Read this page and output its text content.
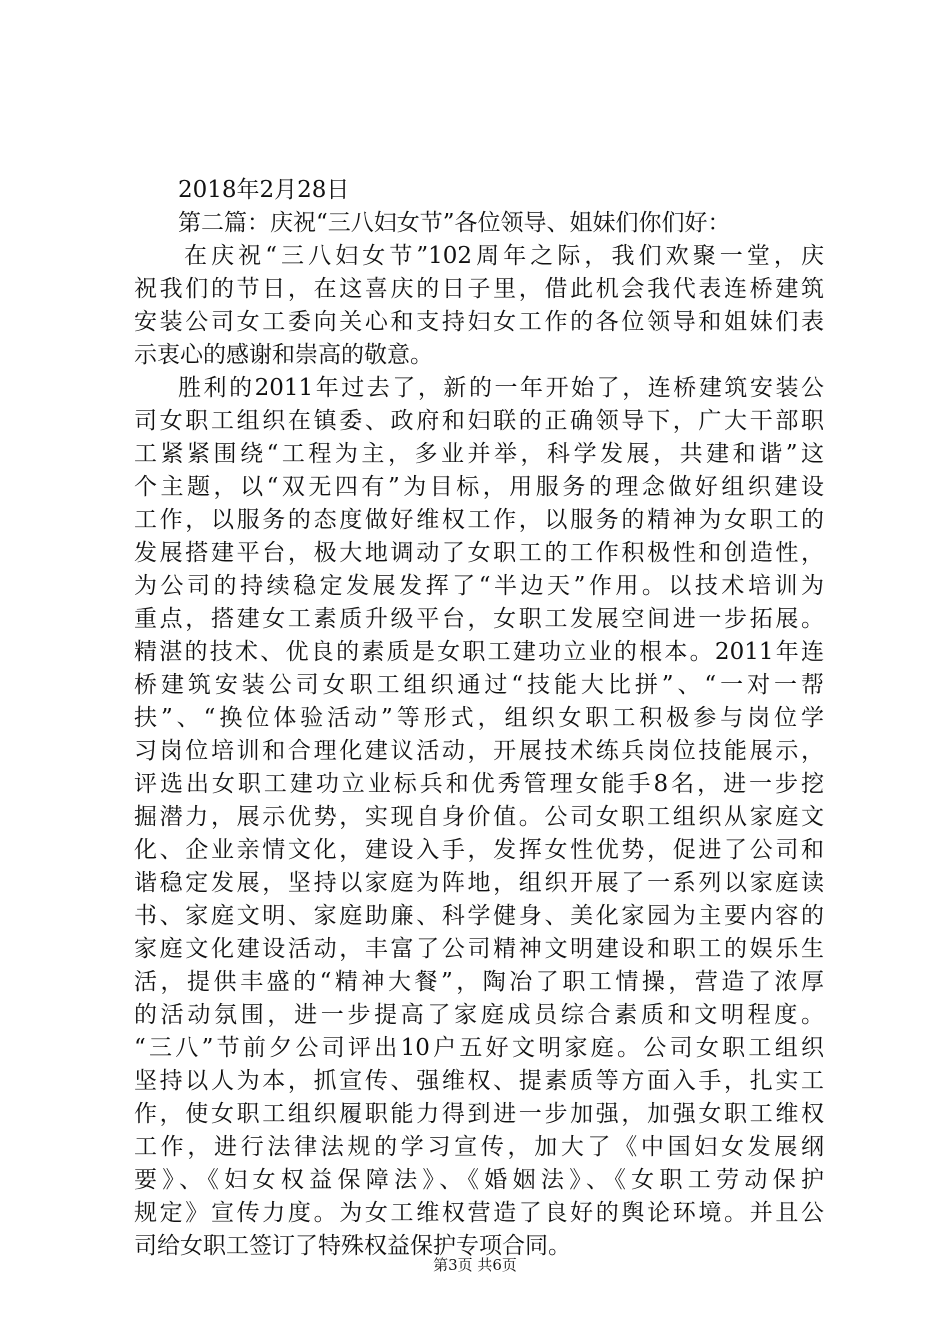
2018年2月28日
第二篇：庆祝“三八妇女节”各位领导、姐妹们你们好：
在庆祝“三八妇女节”102周年之际，我们欢聚一堂，庆
祝我们的节日，在这喜庆的日子里，借此机会我代表连桥建筑
安装公司女工委向关心和支持妇女工作的各位领导和姐妹们表
示衷心的感谢和崇高的敬意。
胜利的2011年过去了，新的一年开始了，连桥建筑安装公
司女职工组织在镇委、政府和妇联的正确领导下，广大干部职
工紧紧围绕“工程为主，多业并举，科学发展，共建和谐”这
个主题，以“双无四有”为目标，用服务的理念做好组织建设
工作，以服务的态度做好维权工作，以服务的精神为女职工的
发展搭建平台，极大地调动了女职工的工作积极性和创造性，
为公司的持续稳定发展发挥了“半边天”作用。以技术培训为
重点，搭建女工素质升级平台，女职工发展空间进一步拓展。
精湛的技术、优良的素质是女职工建功立业的根本。2011年连
桥建筑安装公司女职工组织通过“技能大比拼”、“一对一帮
扶”、“换位体验活动”等形式，组织女职工积极参与岗位学
习岗位培训和合理化建议活动，开展技术练兵岗位技能展示，
评选出女职工建功立业标兵和优秀管理女能手8名，进一步挖
掘潜力，展示优势，实现自身价值。公司女职工组织从家庭文
化、企业亲情文化，建设入手，发挥女性优势，促进了公司和
谐稳定发展，坚持以家庭为阵地，组织开展了一系列以家庭读
书、家庭文明、家庭助廉、科学健身、美化家园为主要内容的
家庭文化建设活动，丰富了公司精神文明建设和职工的娱乐生
活，提供丰盛的“精神大餐”，陶冶了职工情操，营造了浓厚
的活动氛围，进一步提高了家庭成员综合素质和文明程度。
“三八”节前夕公司评出10户五好文明家庭。公司女职工组织
坚持以人为本，抓宣传、强维权、提素质等方面入手，扎实工
作，使女职工组织履职能力得到进一步加强，加强女职工维权
工作，进行法律法规的学习宣传，加大了《中国妇女发展纲
要》、《妇女权益保障法》、《婚姻法》、《女职工劳动保护
规定》宣传力度。为女工维权营造了良好的舆论环境。并且公
司给女职工签订了特殊权益保护专项合同。
第3页 共6页
